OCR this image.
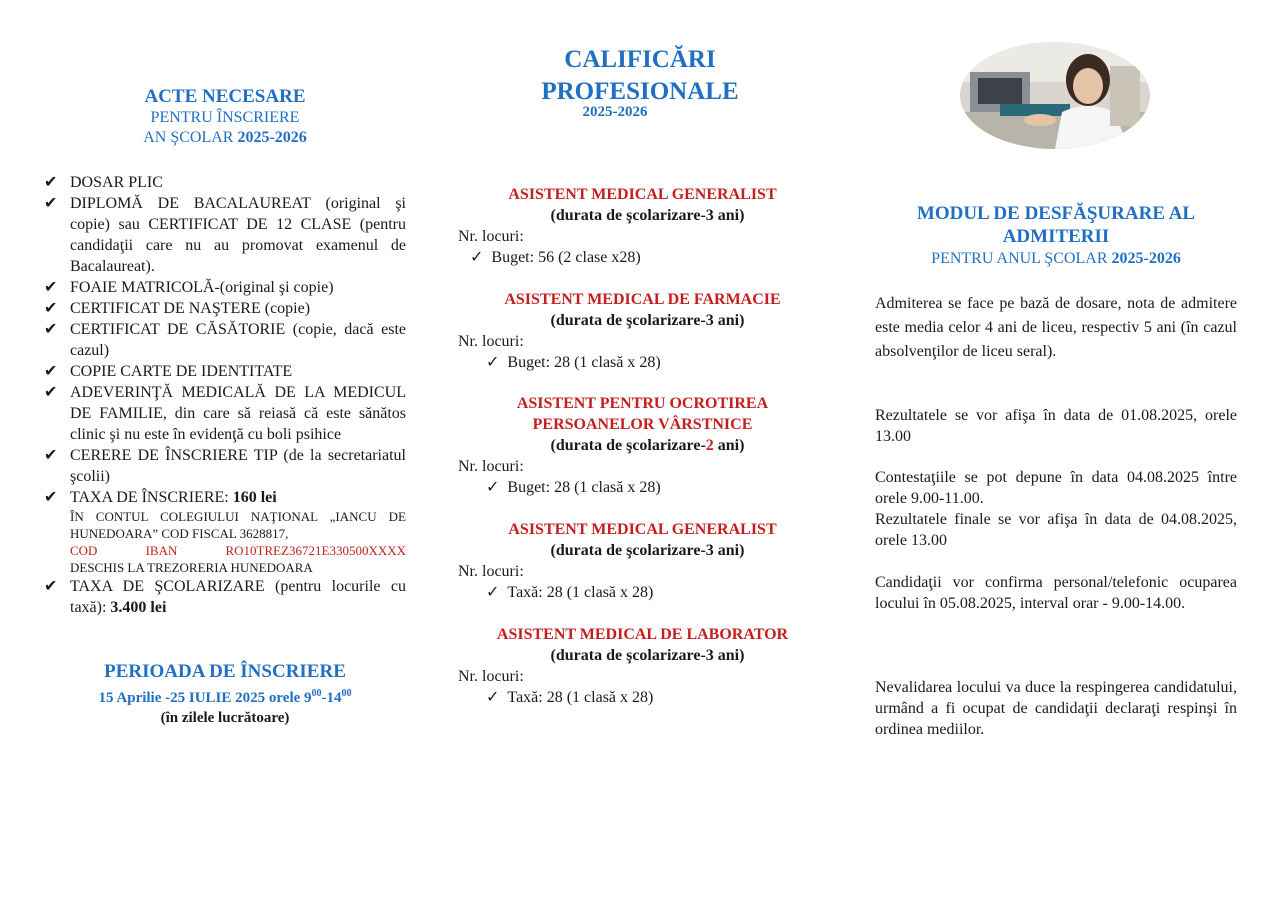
ACTE NECESARE
PENTRU ÎNSCRIERE
AN ŞCOLAR 2025-2026
✔ DOSAR PLIC
✔ DIPLOMĂ DE BACALAUREAT (original şi copie) sau CERTIFICAT DE 12 CLASE (pentru candidaţii care nu au promovat examenul de Bacalaureat).
✔ FOAIE MATRICOLĂ-(original şi copie)
✔ CERTIFICAT DE NAŞTERE (copie)
✔ CERTIFICAT DE CĂSĂTORIE (copie, dacă este cazul)
✔ COPIE CARTE DE IDENTITATE
✔ ADEVERINŢĂ MEDICALĂ DE LA MEDICUL DE FAMILIE, din care să reiasă că este sănătos clinic şi nu este în evidenţă cu boli psihice
✔ CERERE DE ÎNSCRIERE TIP (de la secretariatul şcolii)
✔ TAXA DE ÎNSCRIERE: 160 lei
ÎN CONTUL COLEGIULUI NAŢIONAL „IANCU DE HUNEDOARA” COD FISCAL 3628817,
COD	IBAN	RO10TREZ36721E330500XXXX
DESCHIS LA TREZORERIA HUNEDOARA
✔ TAXA DE ŞCOLARIZARE (pentru locurile cu taxă): 3.400 lei
PERIOADA DE ÎNSCRIERE
15 Aprilie -25 IULIE 2025 orele $9^{00}-14^{00}$
(în zilele lucrătoare)
CALIFICĂRI
PROFESIONALE
2025-2026
ASISTENT MEDICAL GENERALIST
(durata de şcolarizare-3 ani)
Nr. locuri:
✓ Buget: 56 (2 clase x28)
ASISTENT MEDICAL DE FARMACIE
(durata de şcolarizare-3 ani)
Nr. locuri:
✓ Buget: 28 (1 clasă x 28)
ASISTENT PENTRU OCROTIREA
PERSOANELOR VÂRSTNICE
(durata de şcolarizare-2 ani)
Nr. locuri:
✓ Buget: 28 (1 clasă x 28)
ASISTENT MEDICAL GENERALIST
(durata de şcolarizare-3 ani)
Nr. locuri:
✓ Taxă: 28 (1 clasă x 28)
ASISTENT MEDICAL DE LABORATOR
(durata de şcolarizare-3 ani)
Nr. locuri:
✓ Taxă: 28 (1 clasă x 28)
MODUL DE DESFĂŞURARE AL
ADMITERII
PENTRU ANUL ŞCOLAR 2025-2026
Admiterea se face pe bază de dosare, nota de admitere este media celor 4 ani de liceu, respectiv 5 ani (în cazul absolvenţilor de liceu seral).
Rezultatele se vor afişa în data de 01.08.2025, orele 13.00
Contestaţiile se pot depune în data 04.08.2025 între orele 9.00-11.00.
Rezultatele finale se vor afişa în data de 04.08.2025, orele 13.00
Candidaţii vor confirma personal/telefonic ocuparea locului în 05.08.2025, interval orar - 9.00-14.00.
Nevalidarea locului va duce la respingerea candidatului, urmând a fi ocupat de candidaţii declaraţi respinşi în ordinea mediilor.
